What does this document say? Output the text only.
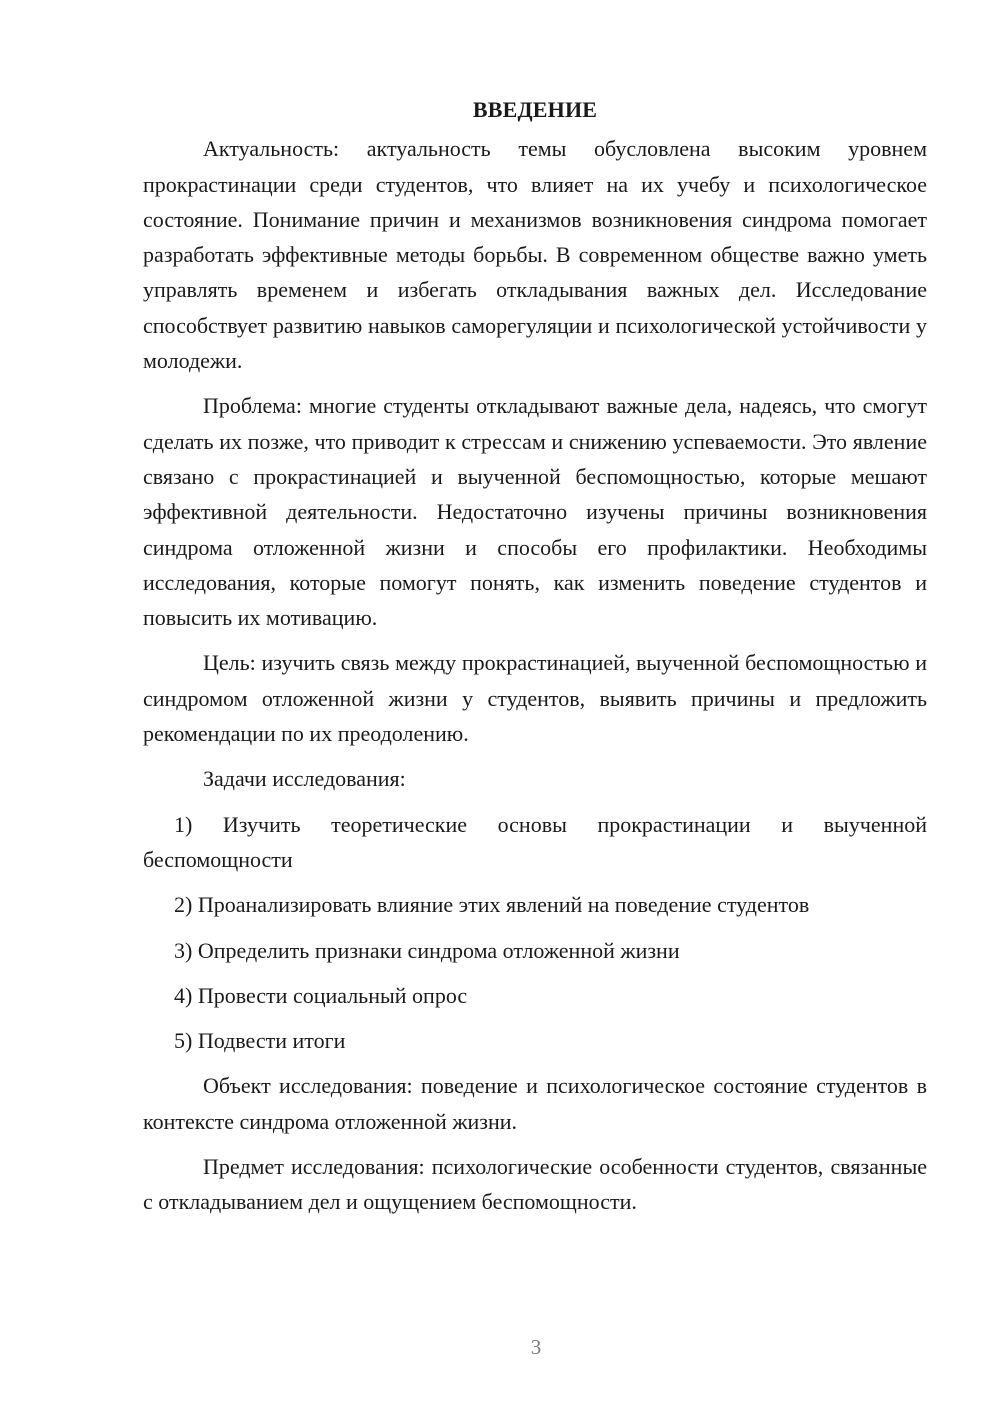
ВВЕДЕНИЕ

Актуальность: актуальность темы обусловлена высоким уровнем прокрастинации среди студентов, что влияет на их учебу и психологическое состояние. Понимание причин и механизмов возникновения синдрома помогает разработать эффективные методы борьбы. В современном обществе важно уметь управлять временем и избегать откладывания важных дел. Исследование способствует развитию навыков саморегуляции и психологической устойчивости у молодежи.

Проблема: многие студенты откладывают важные дела, надеясь, что смогут сделать их позже, что приводит к стрессам и снижению успеваемости. Это явление связано с прокрастинацией и выученной беспомощностью, которые мешают эффективной деятельности. Недостаточно изучены причины возникновения синдрома отложенной жизни и способы его профилактики. Необходимы исследования, которые помогут понять, как изменить поведение студентов и повысить их мотивацию.

Цель: изучить связь между прокрастинацией, выученной беспомощностью и синдромом отложенной жизни у студентов, выявить причины и предложить рекомендации по их преодолению.

Задачи исследования:

1) Изучить теоретические основы прокрастинации и выученной беспомощности

2) Проанализировать влияние этих явлений на поведение студентов

3) Определить признаки синдрома отложенной жизни

4) Провести социальный опрос

5) Подвести итоги

Объект исследования: поведение и психологическое состояние студентов в контексте синдрома отложенной жизни.

Предмет исследования: психологические особенности студентов, связанные с откладыванием дел и ощущением беспомощности.

3
